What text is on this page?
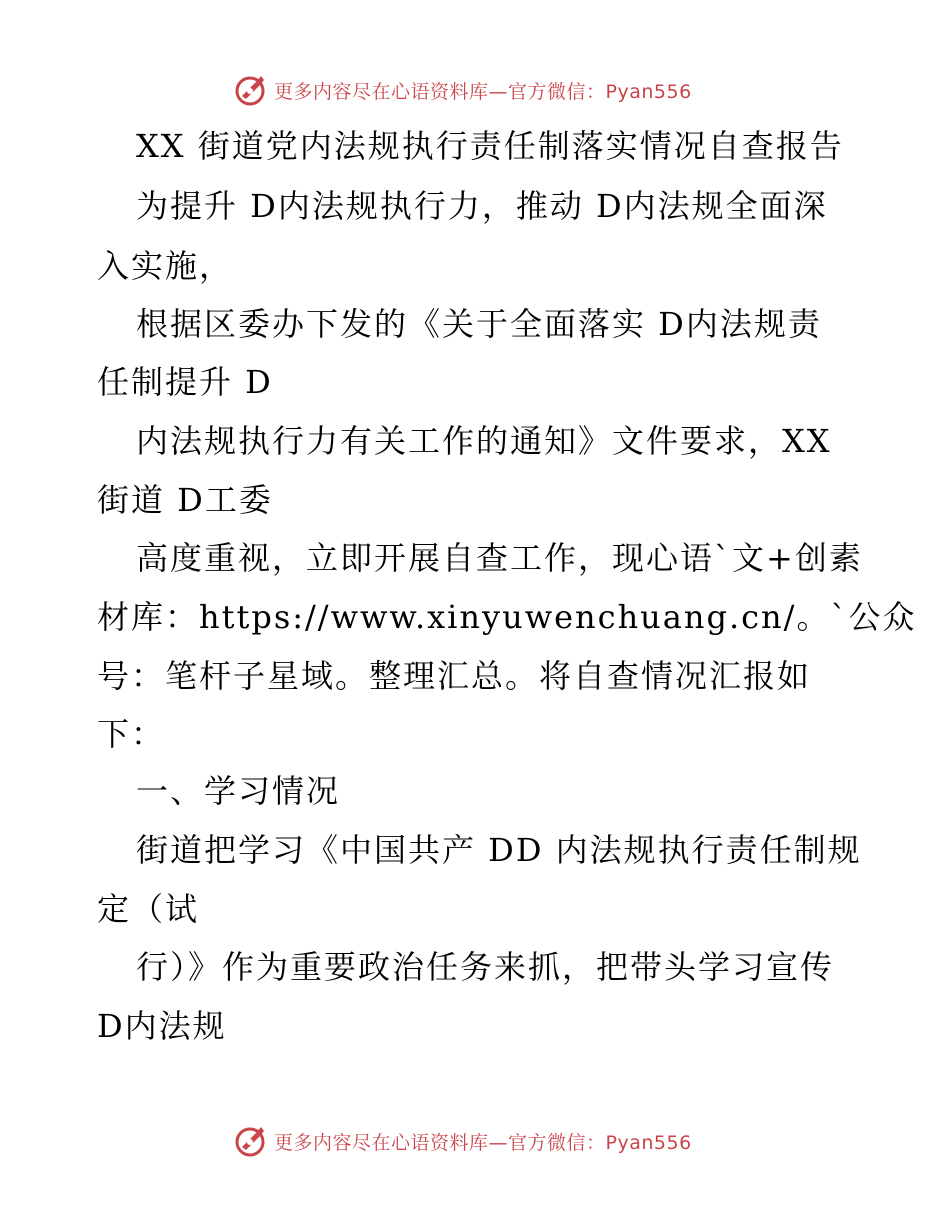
更多内容尽在心语资料库—官方微信：Pyan556
XX 街道党内法规执行责任制落实情况自查报告
为提升 D内法规执行力，推动 D内法规全面深
入实施，
根据区委办下发的《关于全面落实 D内法规责
任制提升 D
内法规执行力有关工作的通知》文件要求，XX
街道 D工委
高度重视，立即开展自查工作，现心语`文+创素
材库：https://www.xinyuwenchuang.cn/。`公众
号：笔杆子星域。整理汇总。将自查情况汇报如
下：
一、学习情况
街道把学习《中国共产 DD 内法规执行责任制规
定（试
行）》作为重要政治任务来抓，把带头学习宣传
D内法规
更多内容尽在心语资料库—官方微信：Pyan556
